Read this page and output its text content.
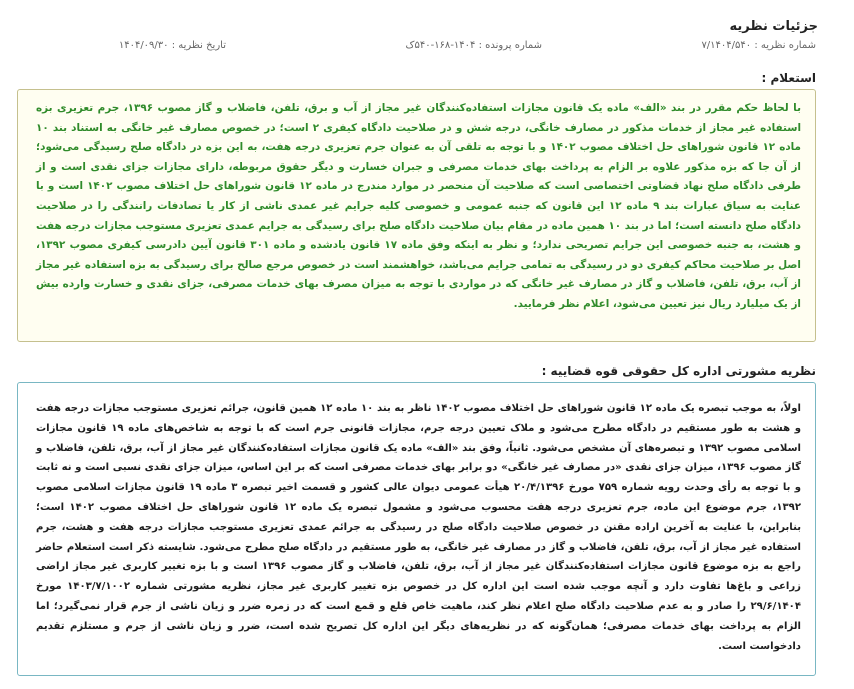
جزئیات نظریه
شماره نظریه : ۷/۱۴۰۴/۵۴۰
شماره پرونده : ۱۴۰۴-۱۶۸-۵۴۰ک
تاریخ نظریه : ۱۴۰۴/۰۹/۳۰
استعلام :

با لحاظ حکم مقرر در بند «الف» ماده یک قانون مجازات استفاده‌کنندگان غیر مجاز از آب و برق، تلفن، فاضلاب و گاز مصوب ۱۳۹۶، جرم تعزیری بزه استفاده غیر مجاز از خدمات مذکور در مصارف خانگی، درجه شش و در صلاحیت دادگاه کیفری ۲ است؛ در خصوص مصارف غیر خانگی به استناد بند ۱۰ ماده ۱۲ قانون شوراهای حل اختلاف مصوب ۱۴۰۲ و با توجه به تلقی آن به عنوان جرم تعزیری درجه هفت، به این بزه در دادگاه صلح رسیدگی می‌شود؛ از آن جا که بزه مذکور علاوه بر الزام به پرداخت بهای خدمات مصرفی و جبران خسارت و دیگر حقوق مربوطه، دارای مجازات جزای نقدی است و از طرفی دادگاه صلح نهاد قضاوتی اختصاصی است که صلاحیت آن منحصر در موارد مندرج در ماده ۱۲ قانون شوراهای حل اختلاف مصوب ۱۴۰۲ است و با عنایت به سیاق عبارات بند ۹ ماده ۱۲ این قانون که جنبه عمومی و خصوصی کلیه جرایم غیر عمدی ناشی از کار یا تصادفات رانندگی را در صلاحیت دادگاه صلح دانسته است؛ اما در بند ۱۰ همین ماده در مقام بیان صلاحیت دادگاه صلح برای رسیدگی به جرایم عمدی تعزیری مستوجب مجازات درجه هفت و هشت، به جنبه خصوصی این جرایم تصریحی ندارد؛ و نظر به اینکه وفق ماده ۱۷ قانون یادشده و ماده ۳۰۱ قانون آیین دادرسی کیفری مصوب ۱۳۹۲، اصل بر صلاحیت محاکم کیفری دو در رسیدگی به تمامی جرایم می‌باشد، خواهشمند است در خصوص مرجع صالح برای رسیدگی به بزه استفاده غیر مجاز از آب، برق، تلفن، فاضلاب و گاز در مصارف غیر خانگی که در مواردی با توجه به میزان مصرف بهای خدمات مصرفی، جزای نقدی و خسارت وارده بیش از یک میلیارد ریال نیز تعیین می‌شود، اعلام نظر فرمایید.

نظریه مشورتی اداره کل حقوقی قوه قضاییه :

اولاً، به موجب تبصره یک ماده ۱۲ قانون شوراهای حل اختلاف مصوب ۱۴۰۲ ناظر به بند ۱۰ ماده ۱۲ همین قانون، جرائم تعزیری مستوجب مجازات درجه هفت و هشت به طور مستقیم در دادگاه مطرح می‌شود و ملاک تعیین درجه جرم، مجازات قانونی جرم است که با توجه به شاخص‌های ماده ۱۹ قانون مجازات اسلامی مصوب ۱۳۹۲ و تبصره‌های آن مشخص می‌شود. ثانیاً، وفق بند «الف» ماده یک قانون مجازات استفاده‌کنندگان غیر مجاز از آب، برق، تلفن، فاضلاب و گاز مصوب ۱۳۹۶، میزان جزای نقدی «در مصارف غیر خانگی» دو برابر بهای خدمات مصرفی است که بر این اساس، میزان جزای نقدی نسبی است و نه ثابت و با توجه به رأی وحدت رویه شماره ۷۵۹ مورخ ۲۰/۴/۱۳۹۶ هیأت عمومی دیوان عالی کشور و قسمت اخیر تبصره ۳ ماده ۱۹ قانون مجازات اسلامی مصوب ۱۳۹۲، جرم موضوع این ماده، جرم تعزیری درجه هفت محسوب می‌شود و مشمول تبصره یک ماده ۱۲ قانون شوراهای حل اختلاف مصوب ۱۴۰۲ است؛ بنابراین، با عنایت به آخرین اراده مقنن در خصوص صلاحیت دادگاه صلح در رسیدگی به جرائم عمدی تعزیری مستوجب مجازات درجه هفت و هشت، جرم استفاده غیر مجاز از آب، برق، تلفن، فاضلاب و گاز در مصارف غیر خانگی، به طور مستقیم در دادگاه صلح مطرح می‌شود. شایسته ذکر است استعلام حاضر راجع به بزه موضوع قانون مجازات استفاده‌کنندگان غیر مجاز از آب، برق، تلفن، فاضلاب و گاز مصوب ۱۳۹۶ است و با بزه تغییر کاربری غیر مجاز اراضی زراعی و باغ‌ها تفاوت دارد و آنچه موجب شده است این اداره کل در خصوص بزه تغییر کاربری غیر مجاز، نظریه مشورتی شماره ۱۴۰۳/۷/۱۰۰۲ مورخ ۲۹/۶/۱۴۰۴ را صادر و به عدم صلاحیت دادگاه صلح اعلام نظر کند، ماهیت خاص قلع و قمع است که در زمره ضرر و زیان ناشی از جرم قرار نمی‌گیرد؛ اما الزام به پرداخت بهای خدمات مصرفی؛ همان‌گونه که در نظریه‌های دیگر این اداره کل تصریح شده است، ضرر و زیان ناشی از جرم و مستلزم تقدیم دادخواست است.
